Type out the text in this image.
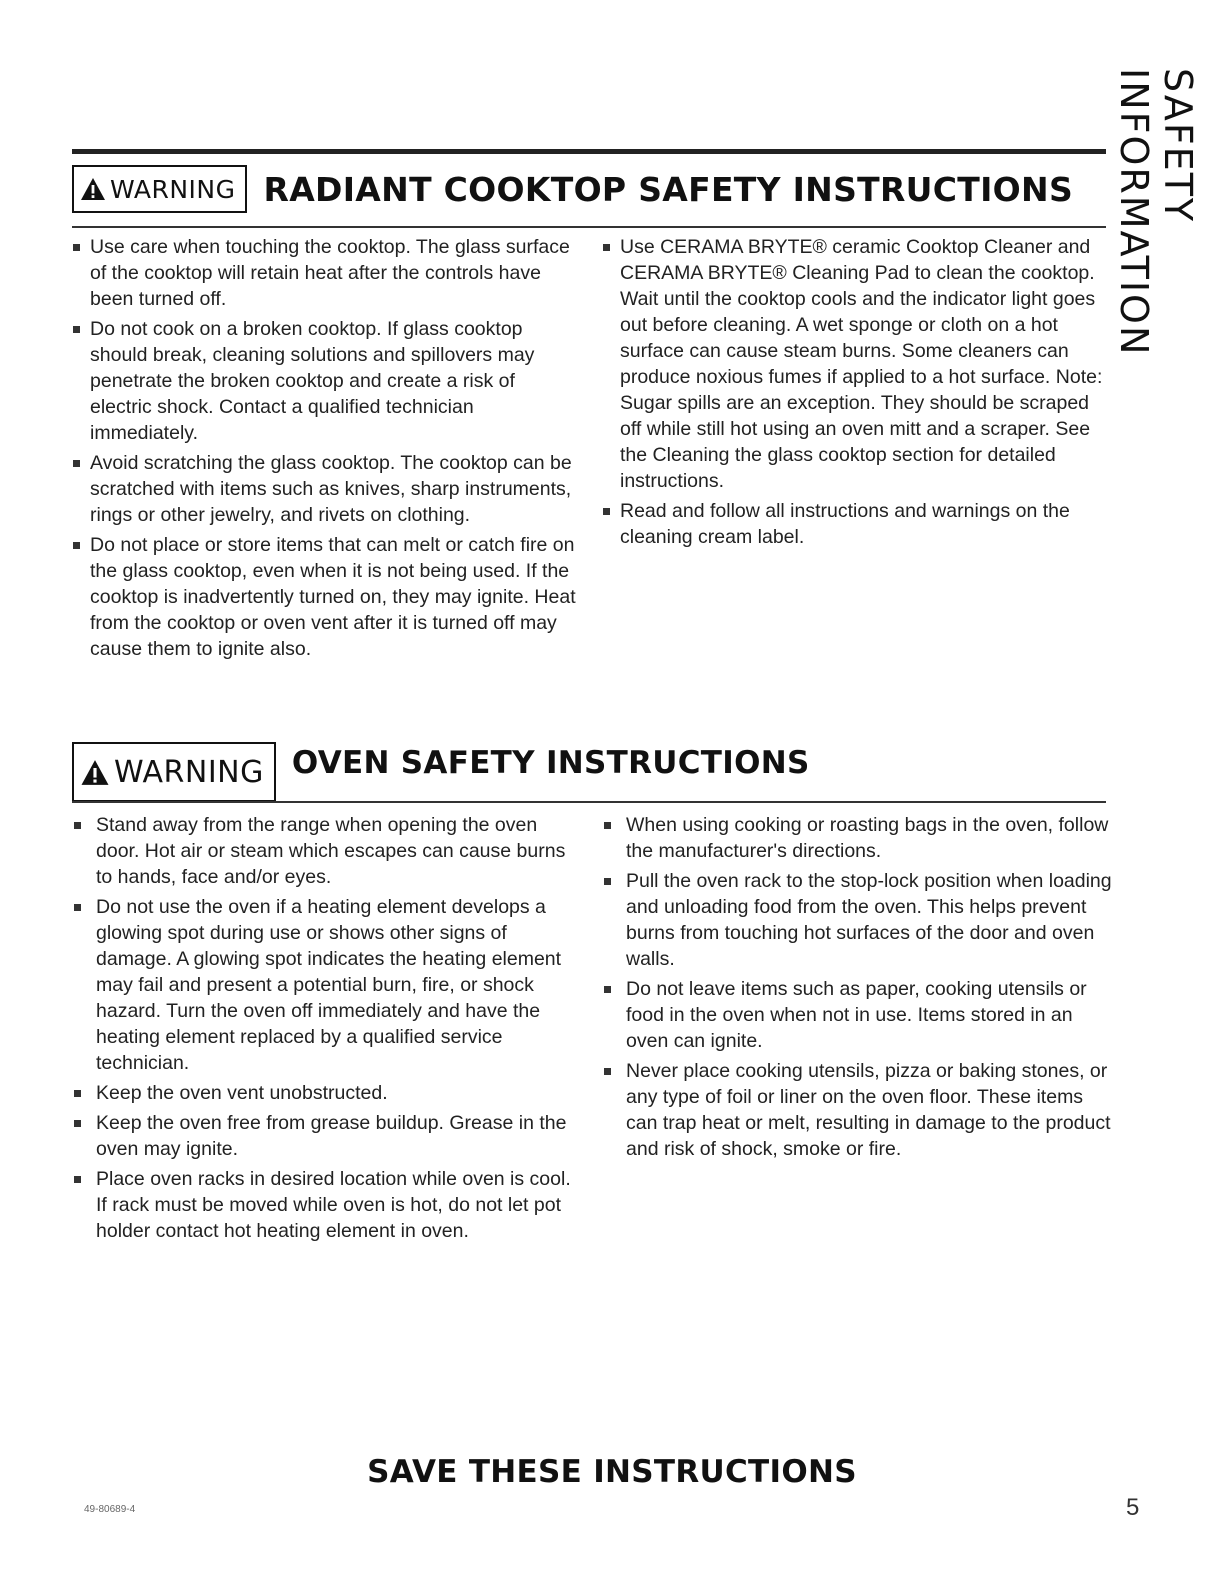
SAFETY INFORMATION
WARNING RADIANT COOKTOP SAFETY INSTRUCTIONS
Use care when touching the cooktop. The glass surface of the cooktop will retain heat after the controls have been turned off.
Do not cook on a broken cooktop. If glass cooktop should break, cleaning solutions and spillovers may penetrate the broken cooktop and create a risk of electric shock. Contact a qualified technician immediately.
Avoid scratching the glass cooktop. The cooktop can be scratched with items such as knives, sharp instruments, rings or other jewelry, and rivets on clothing.
Do not place or store items that can melt or catch fire on the glass cooktop, even when it is not being used. If the cooktop is inadvertently turned on, they may ignite. Heat from the cooktop or oven vent after it is turned off may cause them to ignite also.
Use CERAMA BRYTE® ceramic Cooktop Cleaner and CERAMA BRYTE® Cleaning Pad to clean the cooktop. Wait until the cooktop cools and the indicator light goes out before cleaning. A wet sponge or cloth on a hot surface can cause steam burns. Some cleaners can produce noxious fumes if applied to a hot surface. Note: Sugar spills are an exception. They should be scraped off while still hot using an oven mitt and a scraper. See the Cleaning the glass cooktop section for detailed instructions.
Read and follow all instructions and warnings on the cleaning cream label.
WARNING OVEN SAFETY INSTRUCTIONS
Stand away from the range when opening the oven door. Hot air or steam which escapes can cause burns to hands, face and/or eyes.
Do not use the oven if a heating element develops a glowing spot during use or shows other signs of damage. A glowing spot indicates the heating element may fail and present a potential burn, fire, or shock hazard. Turn the oven off immediately and have the heating element replaced by a qualified service technician.
Keep the oven vent unobstructed.
Keep the oven free from grease buildup. Grease in the oven may ignite.
Place oven racks in desired location while oven is cool. If rack must be moved while oven is hot, do not let pot holder contact hot heating element in oven.
When using cooking or roasting bags in the oven, follow the manufacturer's directions.
Pull the oven rack to the stop-lock position when loading and unloading food from the oven. This helps prevent burns from touching hot surfaces of the door and oven walls.
Do not leave items such as paper, cooking utensils or food in the oven when not in use. Items stored in an oven can ignite.
Never place cooking utensils, pizza or baking stones, or any type of foil or liner on the oven floor. These items can trap heat or melt, resulting in damage to the product and risk of shock, smoke or fire.
SAVE THESE INSTRUCTIONS
49-80689-4	5
